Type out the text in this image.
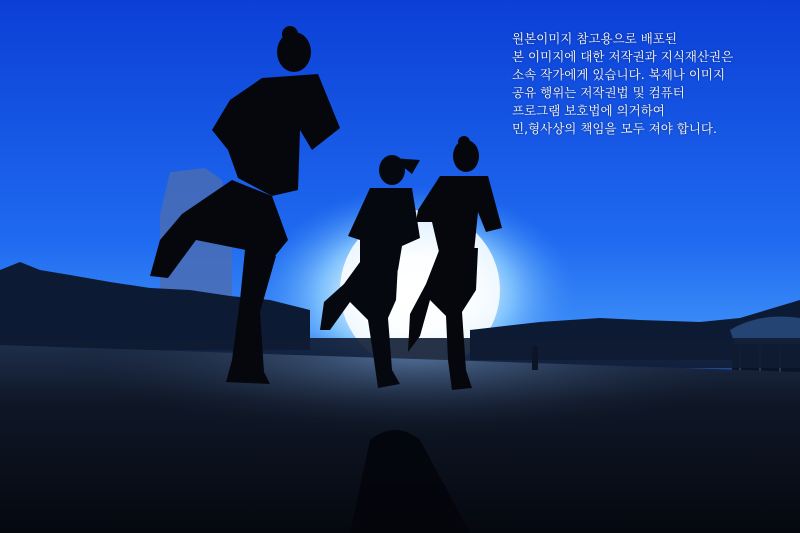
원본이미지 참고용으로 배포된
본 이미지에 대한 저작권과 지식재산권은
소속 작가에게 있습니다. 복제나 이미지
공유 행위는 저작권법 및 컴퓨터
프로그램 보호법에 의거하여
민,형사상의 책임을 모두 져야 합니다.
